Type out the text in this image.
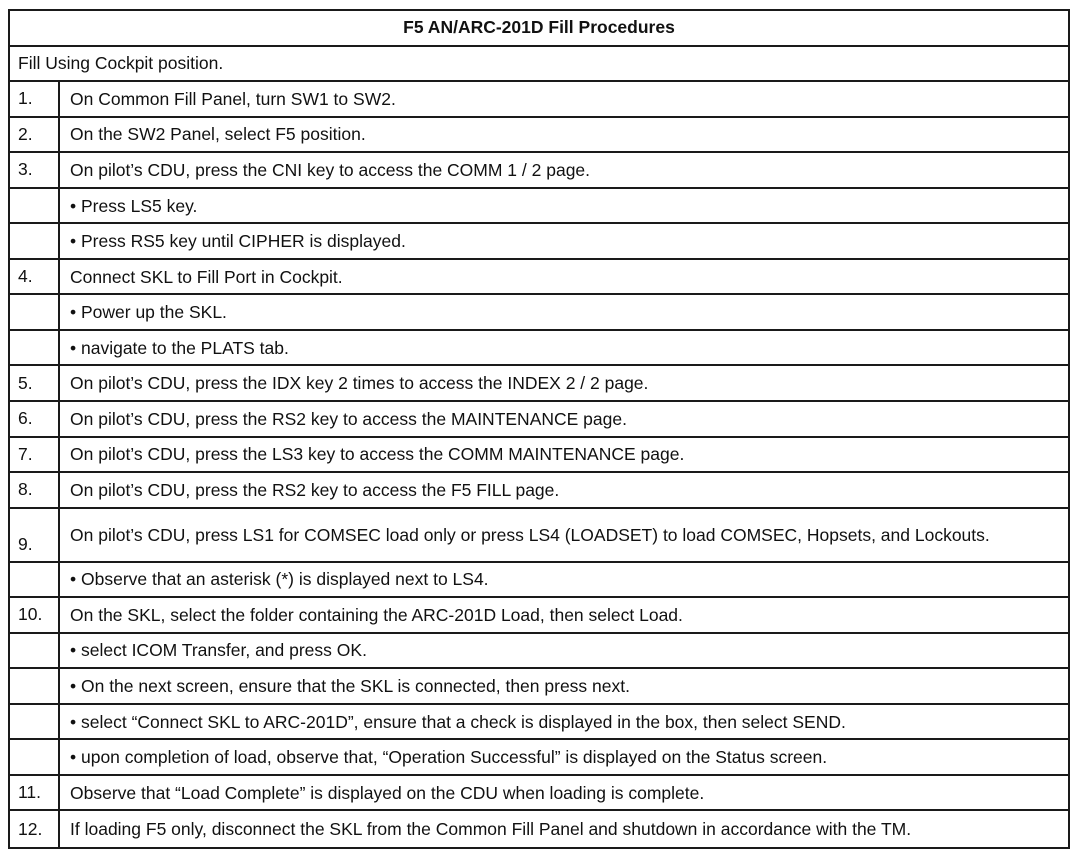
F5 AN/ARC-201D Fill Procedures
Fill Using Cockpit position.
1.	On Common Fill Panel, turn SW1 to SW2.
2.	On the SW2 Panel, select F5 position.
3.	On pilot’s CDU, press the CNI key to access the COMM 1 / 2 page.
• Press LS5 key.
• Press RS5 key until CIPHER is displayed.
4.	Connect SKL to Fill Port in Cockpit.
• Power up the SKL.
• navigate to the PLATS tab.
5.	On pilot’s CDU, press the IDX key 2 times to access the INDEX 2 / 2 page.
6.	On pilot’s CDU, press the RS2 key to access the MAINTENANCE page.
7.	On pilot’s CDU, press the LS3 key to access the COMM MAINTENANCE page.
8.	On pilot’s CDU, press the RS2 key to access the F5 FILL page.
9.	On pilot’s CDU, press LS1 for COMSEC load only or press LS4 (LOADSET) to load COMSEC, Hopsets, and Lockouts.
• Observe that an asterisk (*) is displayed next to LS4.
10.	On the SKL, select the folder containing the ARC-201D Load, then select Load.
• select ICOM Transfer, and press OK.
• On the next screen, ensure that the SKL is connected, then press next.
• select “Connect SKL to ARC-201D”, ensure that a check is displayed in the box, then select SEND.
• upon completion of load, observe that, “Operation Successful” is displayed on the Status screen.
11.	Observe that “Load Complete” is displayed on the CDU when loading is complete.
12.	If loading F5 only, disconnect the SKL from the Common Fill Panel and shutdown in accordance with the TM.
